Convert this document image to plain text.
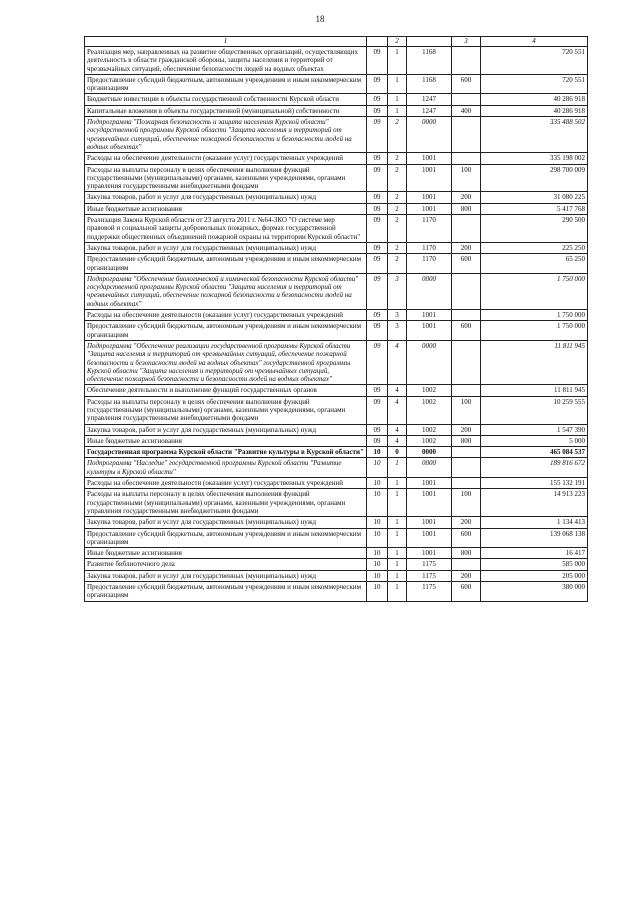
18
1		2		3	4
Реализация мер, направленных на развитие общественных организаций, осуществляющих деятельность в области гражданской обороны, защиты населения и территорий от чрезвычайных ситуаций, обеспечение безопасности людей на водных объектах	09	1	1168		720 551
Предоставление субсидий бюджетным, автономным учреждениям и иным некоммерческим организациям	09	1	1168	600	720 551
Бюджетные инвестиции в объекты государственной собственности Курской области	09	1	1247		40 286 918
Капитальные вложения в объекты государственной (муниципальной) собственности	09	1	1247	400	40 286 918
Подпрограмма "Пожарная безопасность и защита населения Курской области" государственной программы Курской области "Защита населения и территорий от чрезвычайных ситуаций, обеспечение пожарной безопасности и безопасности людей на водных объектах"	09	2	0000		335 488 502
Расходы на обеспечение деятельности (оказание услуг) государственных учреждений	09	2	1001		335 198 002
Расходы на выплаты персоналу в целях обеспечения выполнения функций государственными (муниципальными) органами, казенными учреждениями, органами управления государственными внебюджетными фондами	09	2	1001	100	298 700 009
Закупка товаров, работ и услуг для государственных (муниципальных) нужд	09	2	1001	200	31 080 225
Иные бюджетные ассигнования	09	2	1001	800	5 417 768
Реализация Закона Курской области от 23 августа 2011 г. №64-ЗКО "О системе мер правовой и социальной защиты добровольных пожарных, формах государственной поддержки общественных объединений пожарной охраны на территории Курской области"	09	2	1170		290 500
Закупка товаров, работ и услуг для государственных (муниципальных) нужд	09	2	1170	200	225 250
Предоставление субсидий бюджетным, автономным учреждениям и иным некоммерческим организациям	09	2	1170	600	65 250
Подпрограмма "Обеспечение биологической и химической безопасности Курской области" государственной программы Курской области "Защита населения и территорий от чрезвычайных ситуаций, обеспечение пожарной безопасности и безопасности людей на водных объектах"	09	3	0000		1 750 000
Расходы на обеспечение деятельности (оказание услуг) государственных учреждений	09	3	1001		1 750 000
Предоставление субсидий бюджетным, автономным учреждениям и иным некоммерческим организациям	09	3	1001	600	1 750 000
Подпрограмма "Обеспечение реализации государственной программы Курской области "Защита населения и территорий от чрезвычайных ситуаций, обеспечение пожарной безопасности и безопасности людей на водных объектах" государственной программы Курской области "Защита населения и территорий от чрезвычайных ситуаций, обеспечение пожарной безопасности и безопасности людей на водных объектах"	09	4	0000		11 811 945
Обеспечение деятельности и выполнение функций государственных органов	09	4	1002		11 811 945
Расходы на выплаты персоналу в целях обеспечения выполнения функций государственными (муниципальными) органами, казенными учреждениями, органами управления государственными внебюджетными фондами	09	4	1002	100	10 259 555
Закупка товаров, работ и услуг для государственных (муниципальных) нужд	09	4	1002	200	1 547 390
Иные бюджетные ассигнования	09	4	1002	800	5 000
Государственная программа Курской области "Развитие культуры в Курской области"	10	0	0000		465 084 537
Подпрограмма "Наследие" государственной программы Курской области "Развитие культуры в Курской области"	10	1	0000		189 816 672
Расходы на обеспечение деятельности (оказание услуг) государственных учреждений	10	1	1001		155 132 191
Расходы на выплаты персоналу в целях обеспечения выполнения функций государственными (муниципальными) органами, казенными учреждениями, органами управления государственными внебюджетными фондами	10	1	1001	100	14 913 223
Закупка товаров, работ и услуг для государственных (муниципальных) нужд	10	1	1001	200	1 134 413
Предоставление субсидий бюджетным, автономным учреждениям и иным некоммерческим организациям	10	1	1001	600	139 068 138
Иные бюджетные ассигнования	10	1	1001	800	16 417
Развитие библиотечного дела	10	1	1175		585 000
Закупка товаров, работ и услуг для государственных (муниципальных) нужд	10	1	1175	200	205 000
Предоставление субсидий бюджетным, автономным учреждениям и иным некоммерческим организациям	10	1	1175	600	380 000
